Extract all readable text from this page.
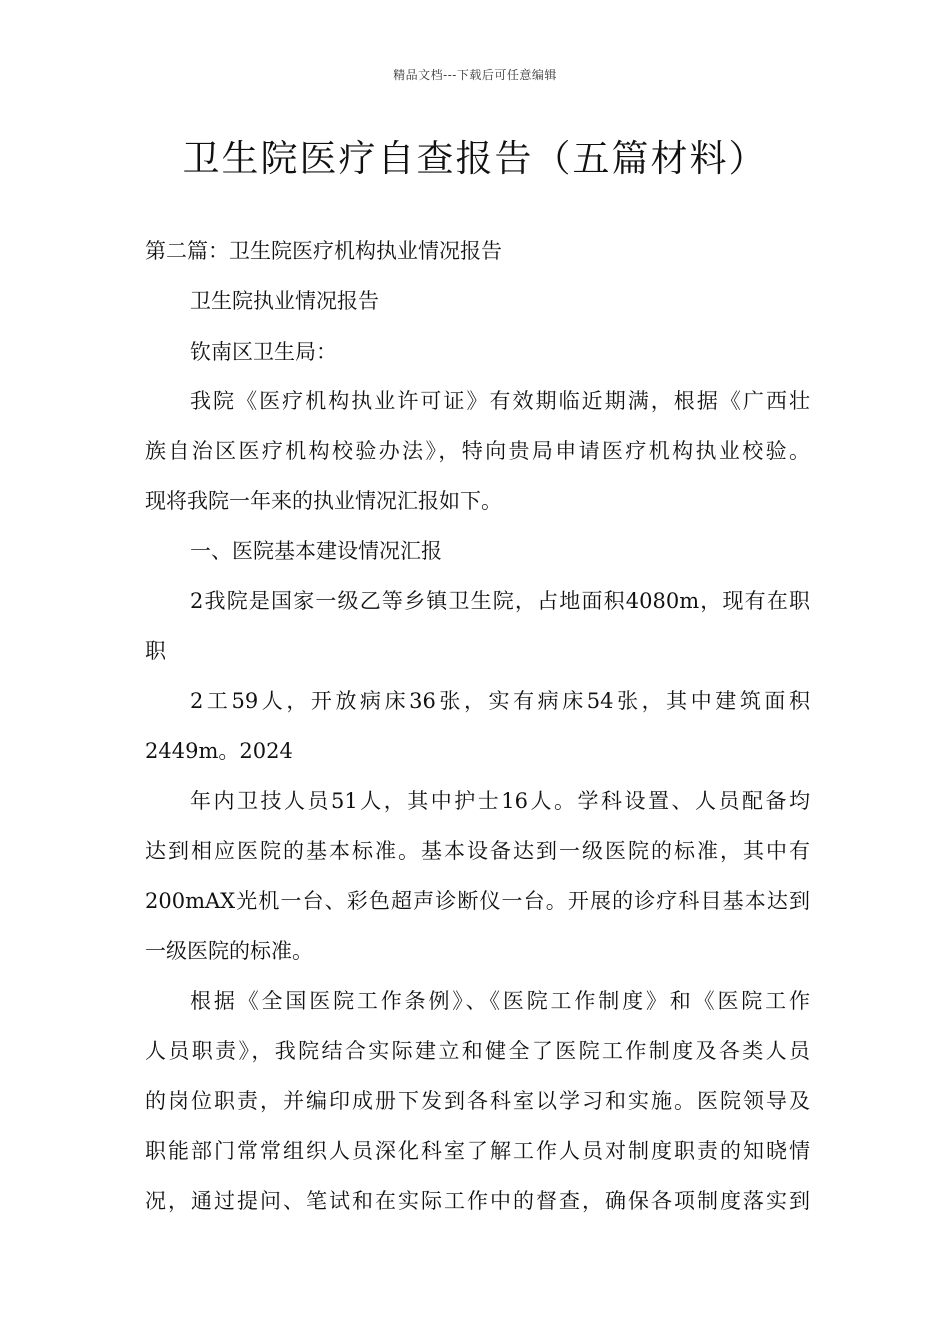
精品文档---下载后可任意编辑
卫生院医疗自查报告（五篇材料）
第二篇：卫生院医疗机构执业情况报告
卫生院执业情况报告
钦南区卫生局：
我院《医疗机构执业许可证》有效期临近期满，根据《广西壮
族自治区医疗机构校验办法》，特向贵局申请医疗机构执业校验。
现将我院一年来的执业情况汇报如下。
一、医院基本建设情况汇报
2我院是国家一级乙等乡镇卫生院，占地面积4080m，现有在职
职
2工59人，开放病床36张，实有病床54张，其中建筑面积
2449m。2024
年内卫技人员51人，其中护士16人。学科设置、人员配备均
达到相应医院的基本标准。基本设备达到一级医院的标准，其中有
200mAX光机一台、彩色超声诊断仪一台。开展的诊疗科目基本达到
一级医院的标准。
根据《全国医院工作条例》、《医院工作制度》和《医院工作
人员职责》，我院结合实际建立和健全了医院工作制度及各类人员
的岗位职责，并编印成册下发到各科室以学习和实施。医院领导及
职能部门常常组织人员深化科室了解工作人员对制度职责的知晓情
况，通过提问、笔试和在实际工作中的督查，确保各项制度落实到
